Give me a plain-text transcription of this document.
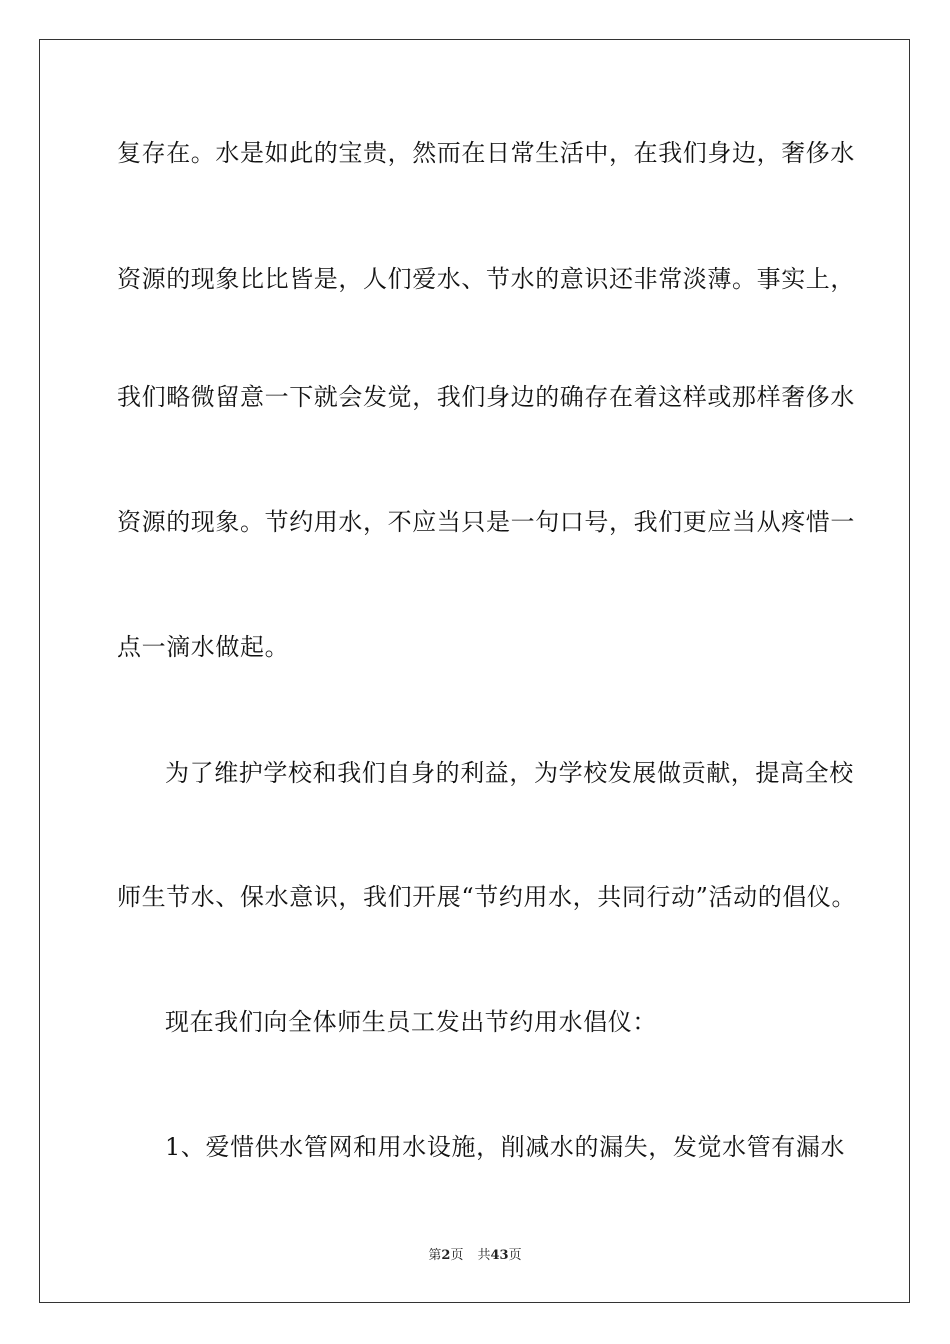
复存在。水是如此的宝贵，然而在日常生活中，在我们身边，奢侈水
资源的现象比比皆是，人们爱水、节水的意识还非常淡薄。事实上，
我们略微留意一下就会发觉，我们身边的确存在着这样或那样奢侈水
资源的现象。节约用水，不应当只是一句口号，我们更应当从疼惜一
点一滴水做起。
为了维护学校和我们自身的利益，为学校发展做贡献，提高全校
师生节水、保水意识，我们开展“节约用水，共同行动”活动的倡仪。
现在我们向全体师生员工发出节约用水倡仪：
1、爱惜供水管网和用水设施，削减水的漏失，发觉水管有漏水
第2页 共43页
